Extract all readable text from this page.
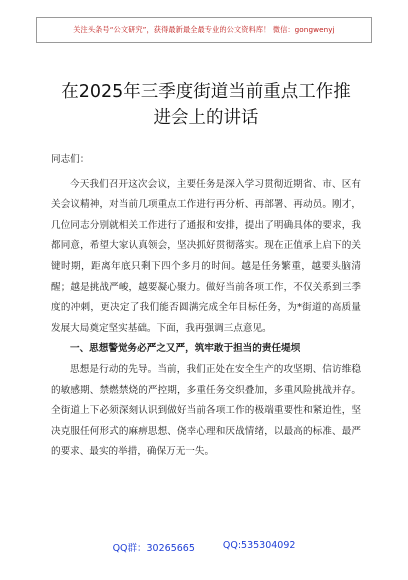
关注头条号“公文研究”，获得最新最全最专业的公文资料库！ 微信：gongwenyj
在2025年三季度街道当前重点工作推
进会上的讲话

同志们：

今天我们召开这次会议，主要任务是深入学习贯彻近期省、市、区有关会议精神，对当前几项重点工作进行再分析、再部署、再动员。刚才，几位同志分别就相关工作进行了通报和安排，提出了明确具体的要求，我都同意，希望大家认真领会，坚决抓好贯彻落实。现在正值承上启下的关键时期，距离年底只剩下四个多月的时间。越是任务繁重，越要头脑清醒；越是挑战严峻，越要凝心聚力。做好当前各项工作，不仅关系到三季度的冲刺，更决定了我们能否圆满完成全年目标任务，为*街道的高质量发展大局奠定坚实基础。下面，我再强调三点意见。

一、思想警觉务必严之又严，筑牢敢于担当的责任堤坝

思想是行动的先导。当前，我们正处在安全生产的攻坚期、信访维稳的敏感期、禁燃禁烧的严控期，多重任务交织叠加，多重风险挑战并存。全街道上下必须深刻认识到做好当前各项工作的极端重要性和紧迫性，坚决克服任何形式的麻痹思想、侥幸心理和厌战情绪，以最高的标准、最严的要求、最实的举措，确保万无一失。

QQ群：30265665	QQ:535304092
